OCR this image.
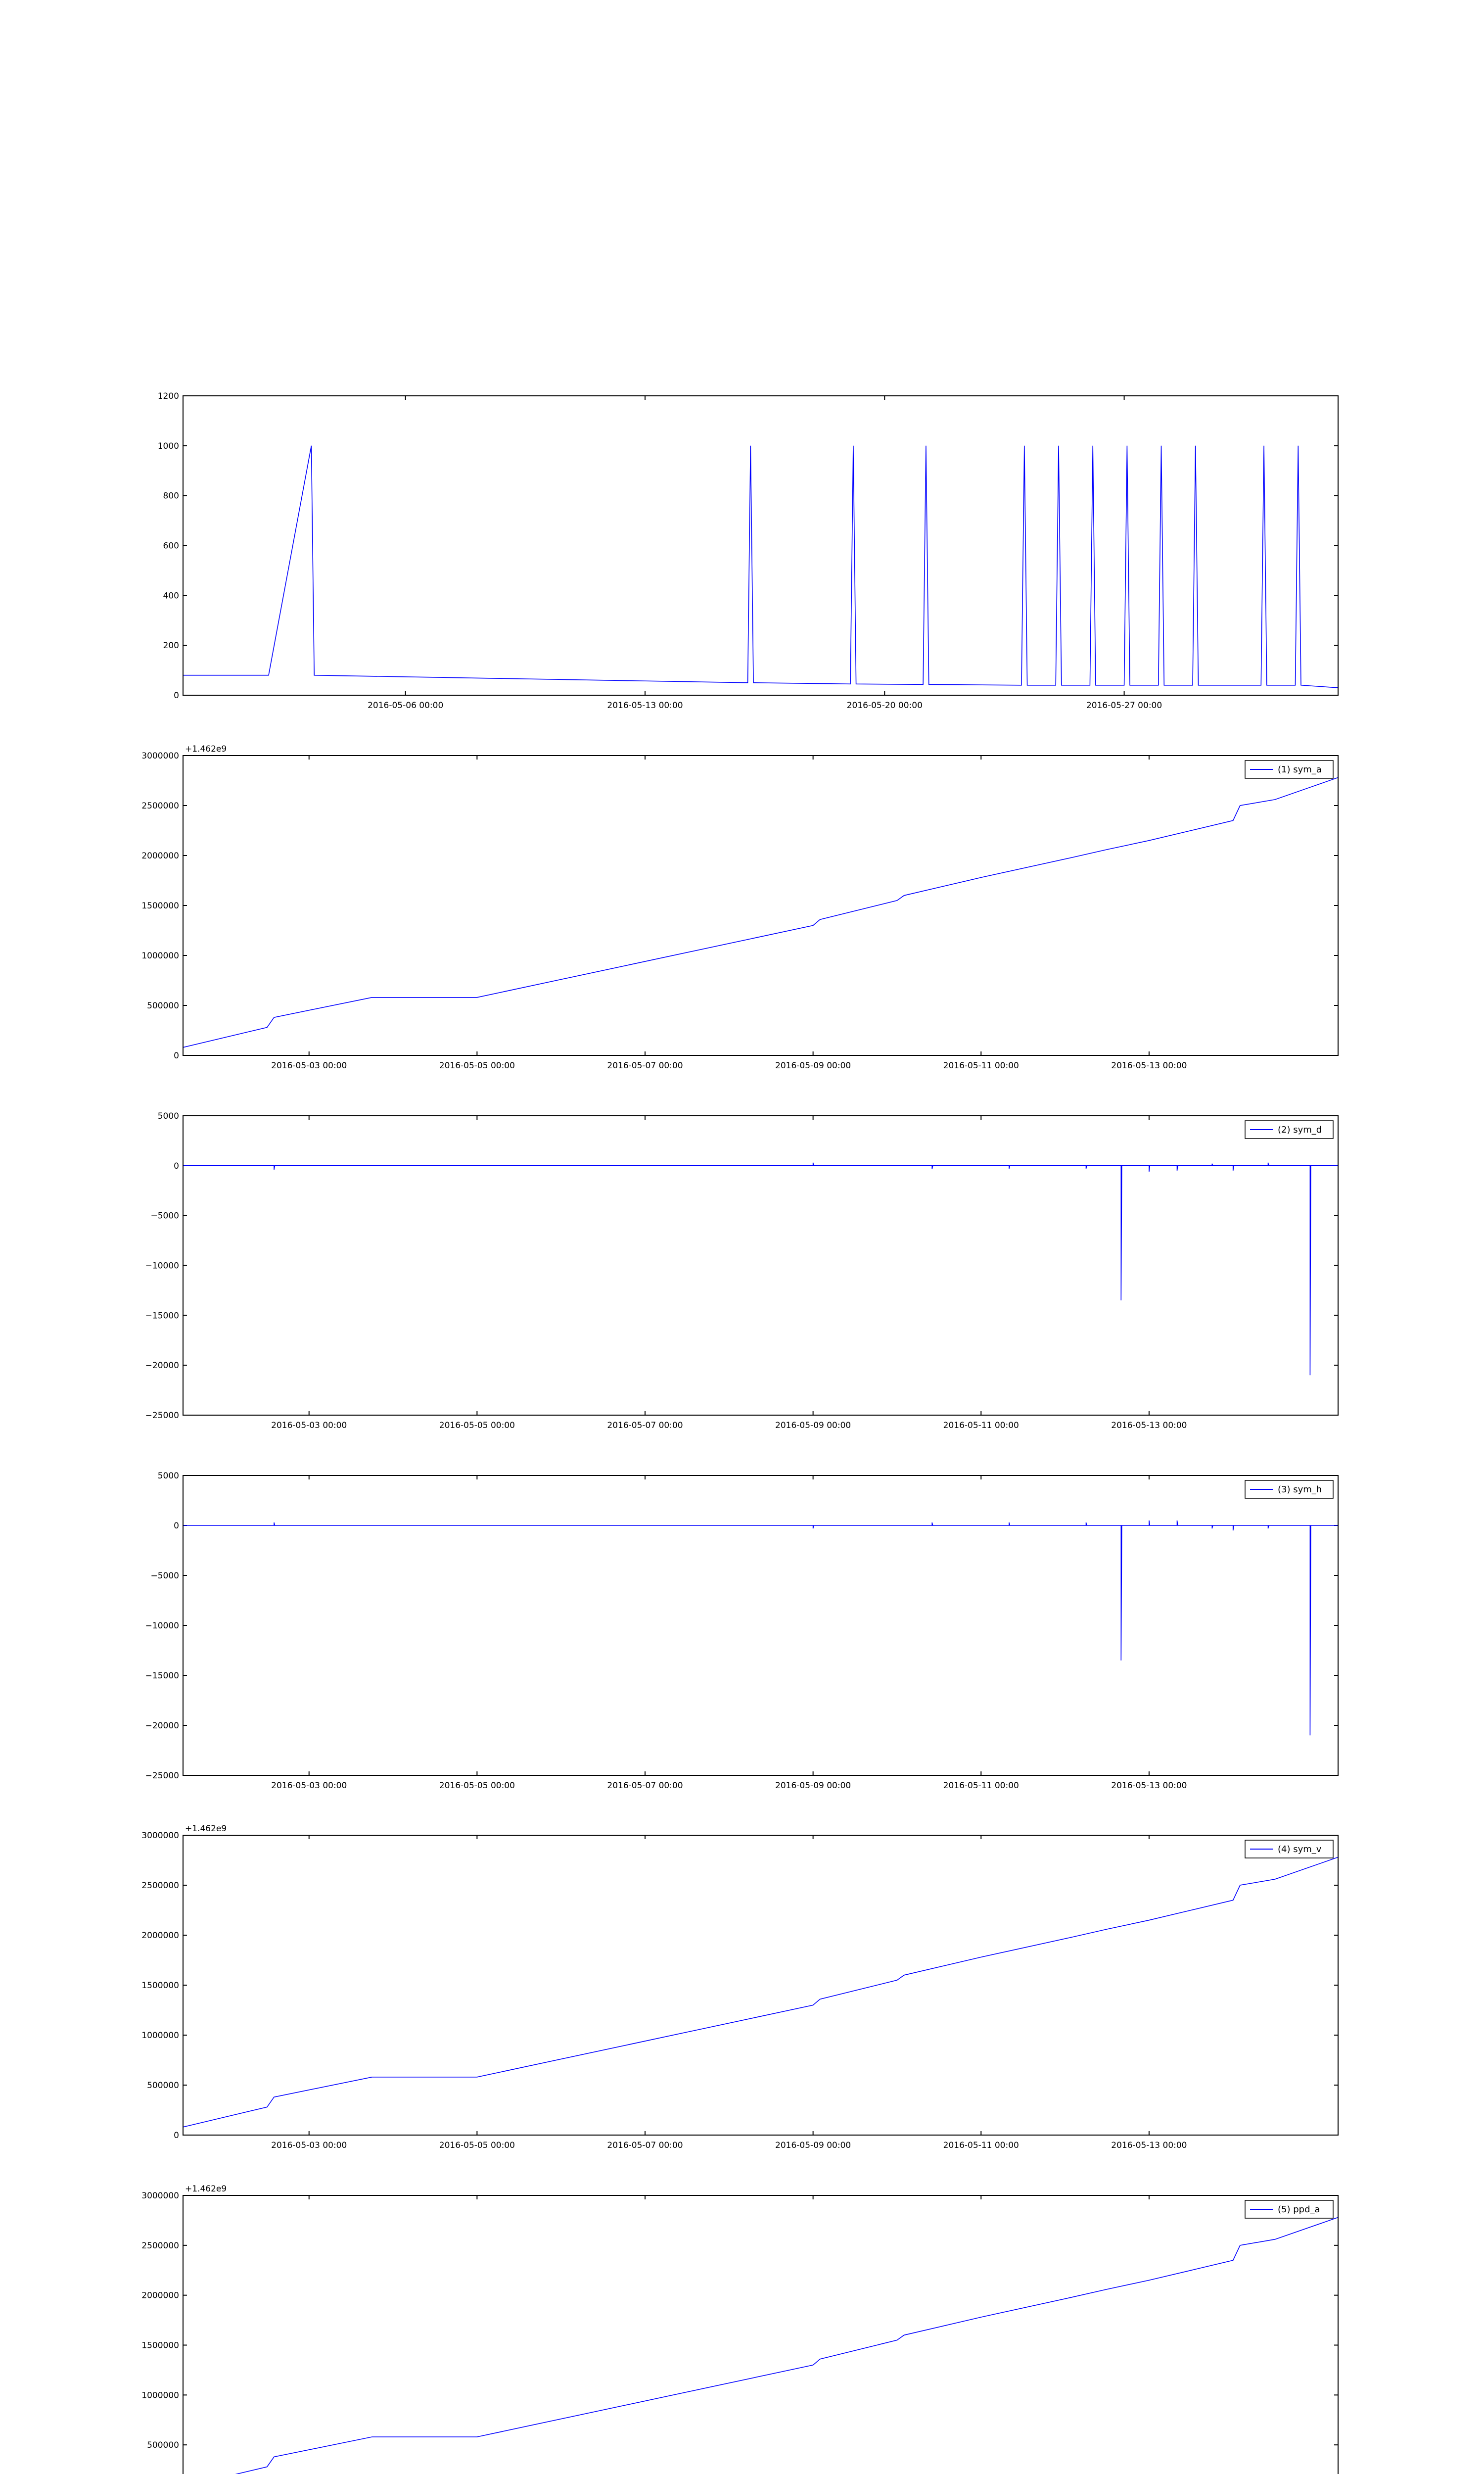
0
200
400
600
800
1000
1200
2016-05-06 00:00	2016-05-13 00:00	2016-05-20 00:00	2016-05-27 00:00
0
500000
1000000
1500000
2000000
2500000
3000000
2016-05-03 00:00	2016-05-05 00:00	2016-05-07 00:00	2016-05-09 00:00	2016-05-11 00:00	2016-05-13 00:00
+1.462e9
(1) sym_a
−25000
−20000
−15000
−10000
−5000
0
5000
2016-05-03 00:00	2016-05-05 00:00	2016-05-07 00:00	2016-05-09 00:00	2016-05-11 00:00	2016-05-13 00:00
(2) sym_d
−25000
−20000
−15000
−10000
−5000
0
5000
2016-05-03 00:00	2016-05-05 00:00	2016-05-07 00:00	2016-05-09 00:00	2016-05-11 00:00	2016-05-13 00:00
(3) sym_h
0
500000
1000000
1500000
2000000
2500000
3000000
2016-05-03 00:00	2016-05-05 00:00	2016-05-07 00:00	2016-05-09 00:00	2016-05-11 00:00	2016-05-13 00:00
+1.462e9
(4) sym_v
500000
1000000
1500000
2000000
2500000
3000000
+1.462e9
(5) ppd_a
